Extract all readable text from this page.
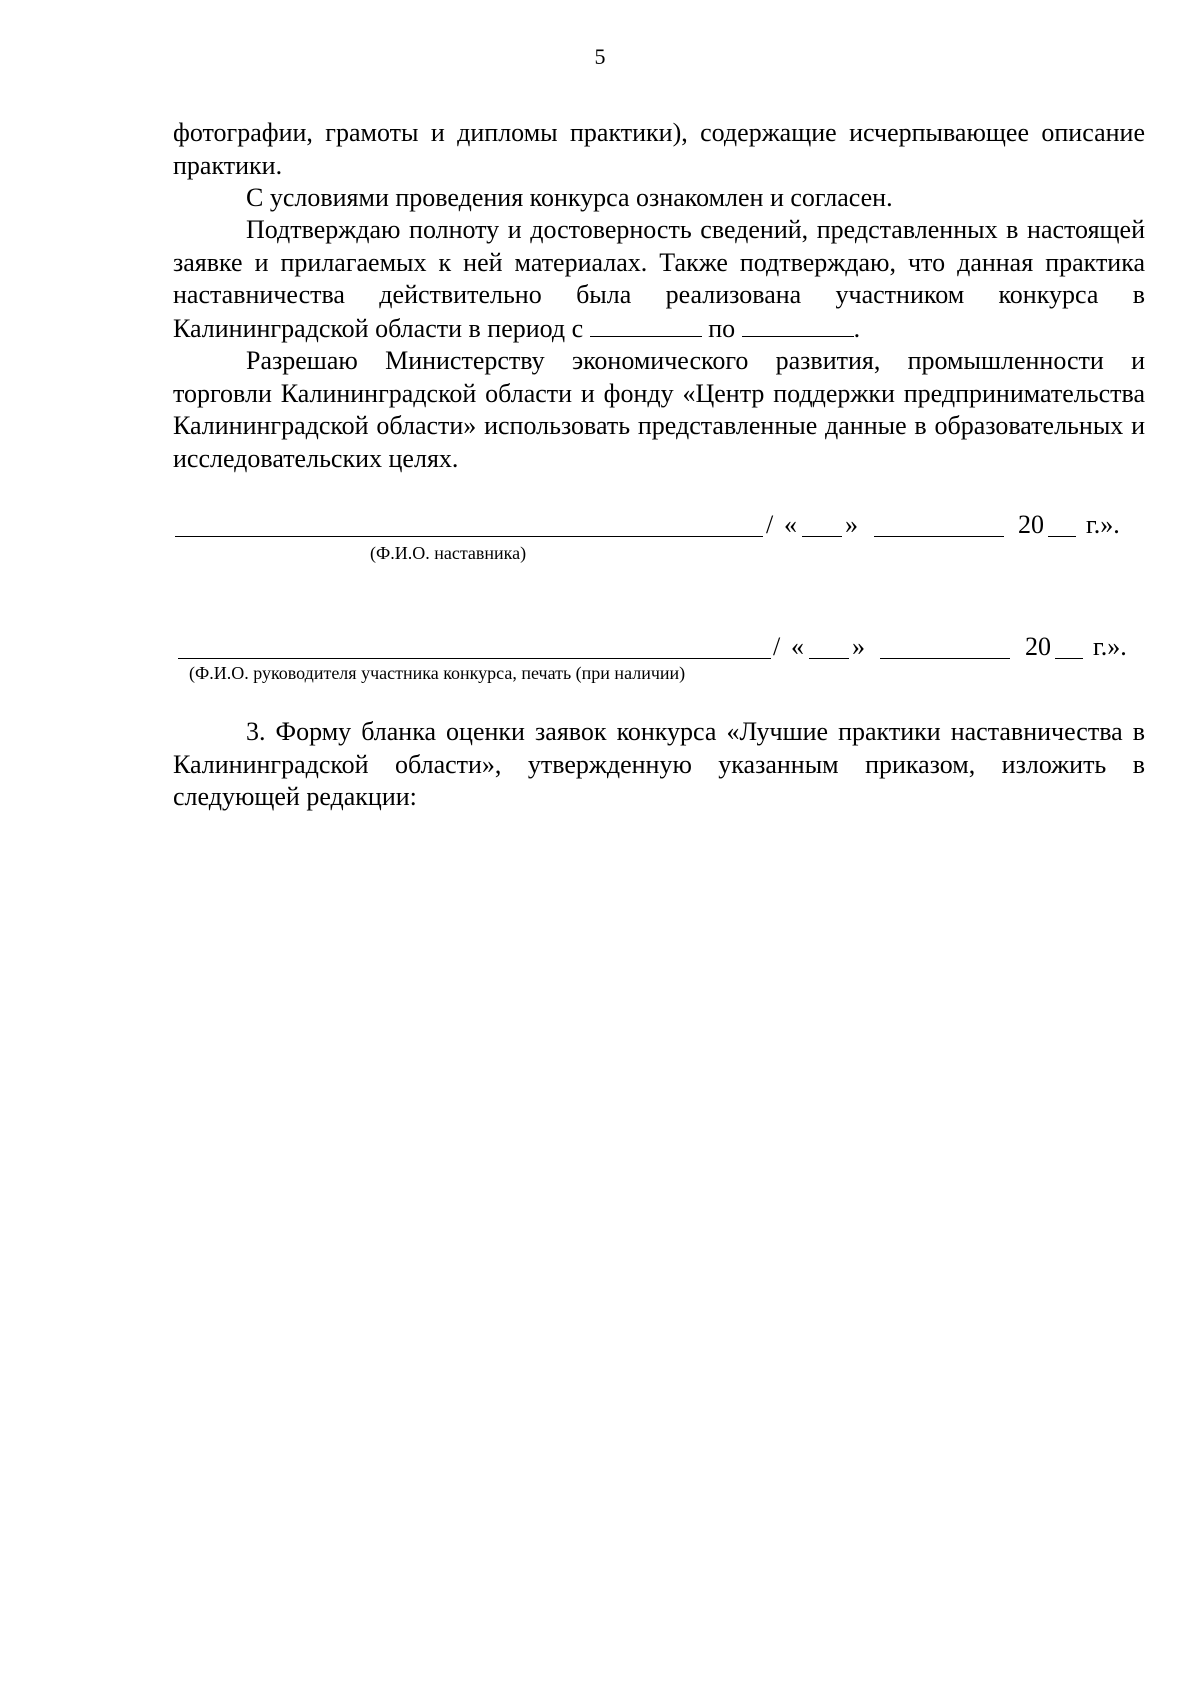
5

фотографии, грамоты и дипломы практики), содержащие исчерпывающее описание практики.

С условиями проведения конкурса ознакомлен и согласен.

Подтверждаю полноту и достоверность сведений, представленных в настоящей заявке и прилагаемых к ней материалах. Также подтверждаю, что данная практика наставничества действительно была реализована участником конкурса в Калининградской области в период с	по	.

Разрешаю Министерству экономического развития, промышленности и торговли Калининградской области и фонду «Центр поддержки предпринимательства Калининградской области» использовать представленные данные в образовательных и исследовательских целях.

/ « »	20 г.».
(Ф.И.О. наставника)
/ « »	20 г.».
(Ф.И.О. руководителя участника конкурса, печать (при наличии)

3. Форму бланка оценки заявок конкурса «Лучшие практики наставничества в Калининградской области», утвержденную указанным приказом, изложить в следующей редакции:
